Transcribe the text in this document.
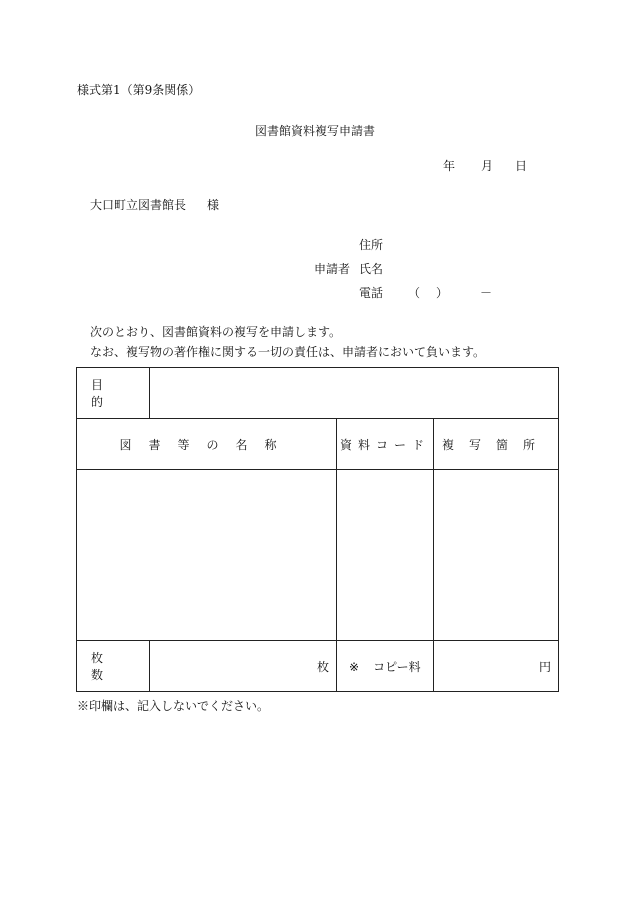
様式第1（第9条関係）
図書館資料複写申請書
年 月 日
大口町立図書館長 様
住所
申請者 氏名
電話 （ ）	－
次のとおり、図書館資料の複写を申請します。
なお、複写物の著作権に関する一切の責任は、申請者において負います。
目的			
図書等の名称		資料コード	複写箇所

枚数	枚	※ コピー料	円
※印欄は、記入しないでください。
